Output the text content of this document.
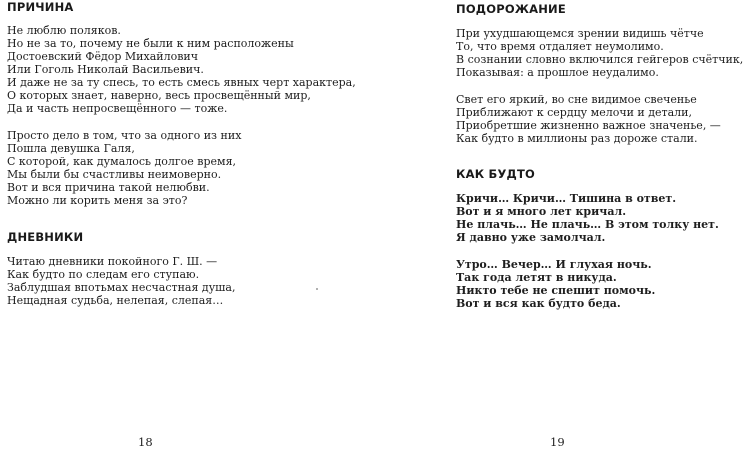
ПРИЧИНА
Не люблю поляков.
Но не за то, почему не были к ним расположены
Достоевский Фёдор Михайлович
Или Гоголь Николай Васильевич.
И даже не за ту спесь, то есть смесь явных черт характера,
О которых знает, наверно, весь просвещённый мир,
Да и часть непросвещённого — тоже.
Просто дело в том, что за одного из них
Пошла девушка Галя,
С которой, как думалось долгое время,
Мы были бы счастливы неимоверно.
Вот и вся причина такой нелюбви.
Можно ли корить меня за это?
ДНЕВНИКИ
Читаю дневники покойного Г. Ш. —
Как будто по следам его ступаю.
Заблудшая впотьмах несчастная душа,
Нещадная судьба, нелепая, слепая…
18
ПОДОРОЖАНИЕ
При ухудшающемся зрении видишь чётче
То, что время отдаляет неумолимо.
В сознании словно включился гейгеров счётчик,
Показывая: а прошлое неудалимо.
Свет его яркий, во сне видимое свеченье
Приближают к сердцу мелочи и детали,
Приобретшие жизненно важное значенье, —
Как будто в миллионы раз дороже стали.
КАК БУДТО
Кричи… Кричи… Тишина в ответ.
Вот и я много лет кричал.
Не плачь… Не плачь… В этом толку нет.
Я давно уже замолчал.
Утро… Вечер… И глухая ночь.
Так года летят в никуда.
Никто тебе не спешит помочь.
Вот и вся как будто беда.
19
